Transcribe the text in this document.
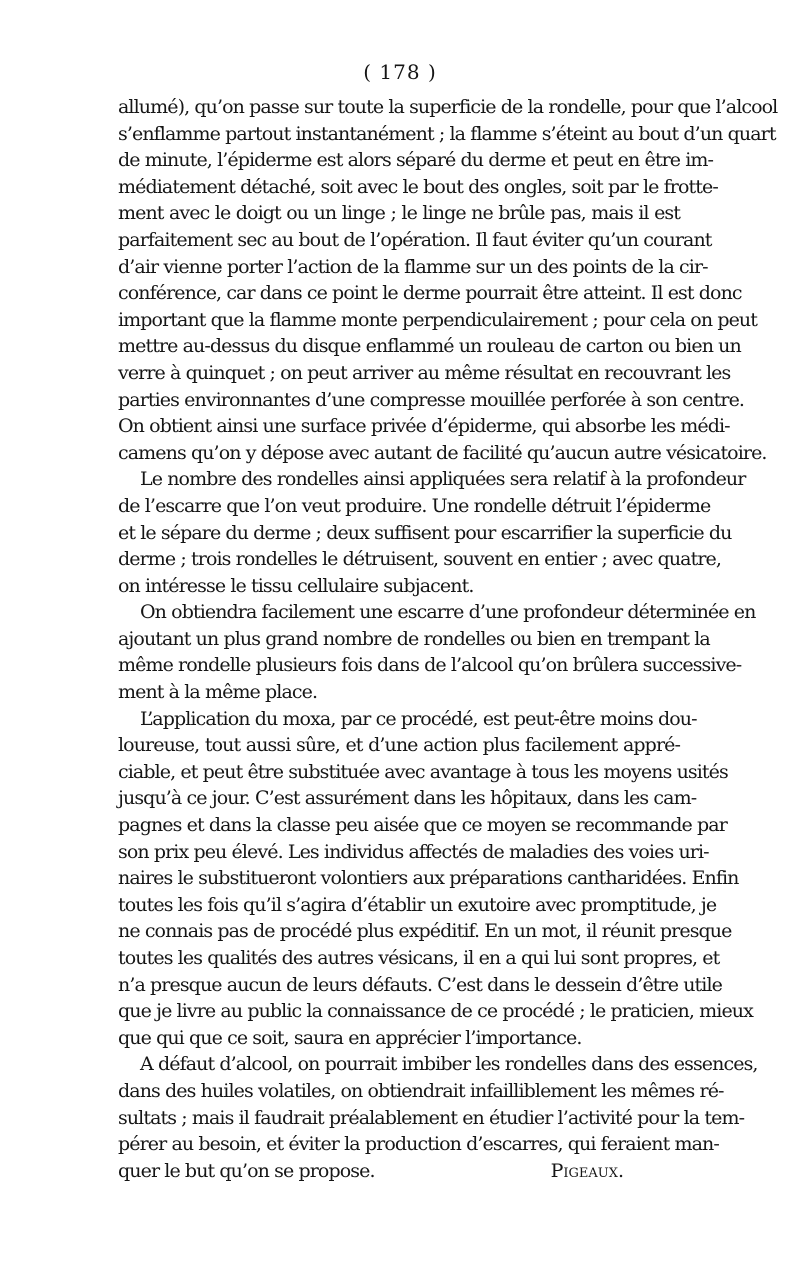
( 178 )
allumé), qu’on passe sur toute la superficie de la rondelle, pour que l’alcool
s’enflamme partout instantanément ; la flamme s’éteint au bout d’un quart
de minute, l’épiderme est alors séparé du derme et peut en être im-
médiatement détaché, soit avec le bout des ongles, soit par le frotte-
ment avec le doigt ou un linge ; le linge ne brûle pas, mais il est
parfaitement sec au bout de l’opération. Il faut éviter qu’un courant
d’air vienne porter l’action de la flamme sur un des points de la cir-
conférence, car dans ce point le derme pourrait être atteint. Il est donc
important que la flamme monte perpendiculairement ; pour cela on peut
mettre au-dessus du disque enflammé un rouleau de carton ou bien un
verre à quinquet ; on peut arriver au même résultat en recouvrant les
parties environnantes d’une compresse mouillée perforée à son centre.
On obtient ainsi une surface privée d’épiderme, qui absorbe les médi-
camens qu’on y dépose avec autant de facilité qu’aucun autre vésicatoire.
Le nombre des rondelles ainsi appliquées sera relatif à la profondeur
de l’escarre que l’on veut produire. Une rondelle détruit l’épiderme
et le sépare du derme ; deux suffisent pour escarrifier la superficie du
derme ; trois rondelles le détruisent, souvent en entier ; avec quatre,
on intéresse le tissu cellulaire subjacent.
On obtiendra facilement une escarre d’une profondeur déterminée en
ajoutant un plus grand nombre de rondelles ou bien en trempant la
même rondelle plusieurs fois dans de l’alcool qu’on brûlera successive-
ment à la même place.
L’application du moxa, par ce procédé, est peut-être moins dou-
loureuse, tout aussi sûre, et d’une action plus facilement appré-
ciable, et peut être substituée avec avantage à tous les moyens usités
jusqu’à ce jour. C’est assurément dans les hôpitaux, dans les cam-
pagnes et dans la classe peu aisée que ce moyen se recommande par
son prix peu élevé. Les individus affectés de maladies des voies uri-
naires le substitueront volontiers aux préparations cantharidées. Enfin
toutes les fois qu’il s’agira d’établir un exutoire avec promptitude, je
ne connais pas de procédé plus expéditif. En un mot, il réunit presque
toutes les qualités des autres vésicans, il en a qui lui sont propres, et
n’a presque aucun de leurs défauts. C’est dans le dessein d’être utile
que je livre au public la connaissance de ce procédé ; le praticien, mieux
que qui que ce soit, saura en apprécier l’importance.
A défaut d’alcool, on pourrait imbiber les rondelles dans des essences,
dans des huiles volatiles, on obtiendrait infailliblement les mêmes ré-
sultats ; mais il faudrait préalablement en étudier l’activité pour la tem-
pérer au besoin, et éviter la production d’escarres, qui feraient man-
quer le but qu’on se propose.	Pigeaux.
